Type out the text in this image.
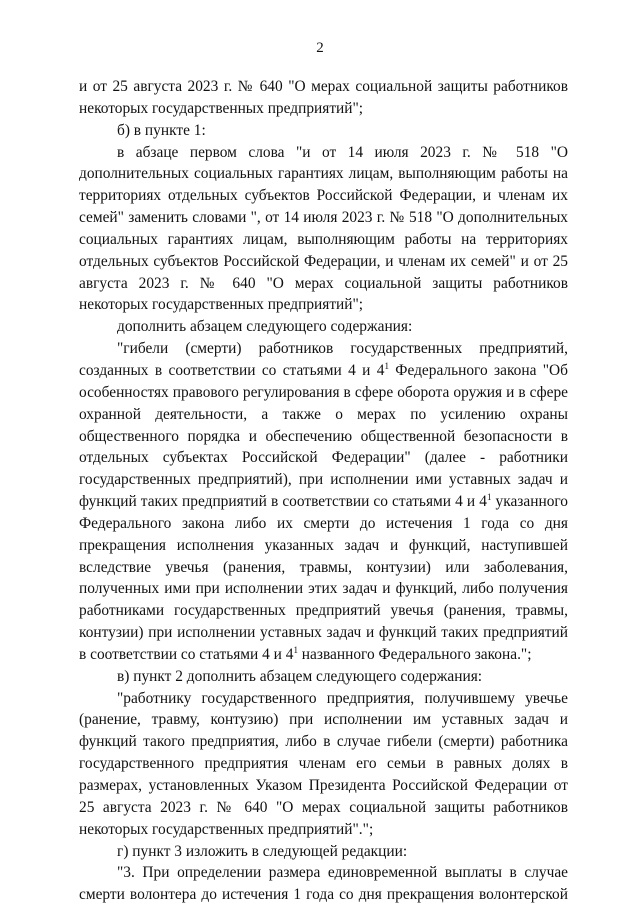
2

и от 25 августа 2023 г. № 640 "О мерах социальной защиты работников некоторых государственных предприятий";

б) в пункте 1:

в абзаце первом слова "и от 14 июля 2023 г. № 518 "О дополнительных социальных гарантиях лицам, выполняющим работы на территориях отдельных субъектов Российской Федерации, и членам их семей" заменить словами ", от 14 июля 2023 г. № 518 "О дополнительных социальных гарантиях лицам, выполняющим работы на территориях отдельных субъектов Российской Федерации, и членам их семей" и от 25 августа 2023 г. № 640 "О мерах социальной защиты работников некоторых государственных предприятий";

дополнить абзацем следующего содержания:

"гибели (смерти) работников государственных предприятий, созданных в соответствии со статьями 4 и $4^1$ Федерального закона "Об особенностях правового регулирования в сфере оборота оружия и в сфере охранной деятельности, а также о мерах по усилению охраны общественного порядка и обеспечению общественной безопасности в отдельных субъектах Российской Федерации" (далее - работники государственных предприятий), при исполнении ими уставных задач и функций таких предприятий в соответствии со статьями 4 и $4^1$ указанного Федерального закона либо их смерти до истечения 1 года со дня прекращения исполнения указанных задач и функций, наступившей вследствие увечья (ранения, травмы, контузии) или заболевания, полученных ими при исполнении этих задач и функций, либо получения работниками государственных предприятий увечья (ранения, травмы, контузии) при исполнении уставных задач и функций таких предприятий в соответствии со статьями 4 и $4^1$ названного Федерального закона.";

в) пункт 2 дополнить абзацем следующего содержания:

"работнику государственного предприятия, получившему увечье (ранение, травму, контузию) при исполнении им уставных задач и функций такого предприятия, либо в случае гибели (смерти) работника государственного предприятия членам его семьи в равных долях в размерах, установленных Указом Президента Российской Федерации от 25 августа 2023 г. № 640 "О мерах социальной защиты работников некоторых государственных предприятий".";

г) пункт 3 изложить в следующей редакции:

"3. При определении размера единовременной выплаты в случае смерти волонтера до истечения 1 года со дня прекращения волонтерской
